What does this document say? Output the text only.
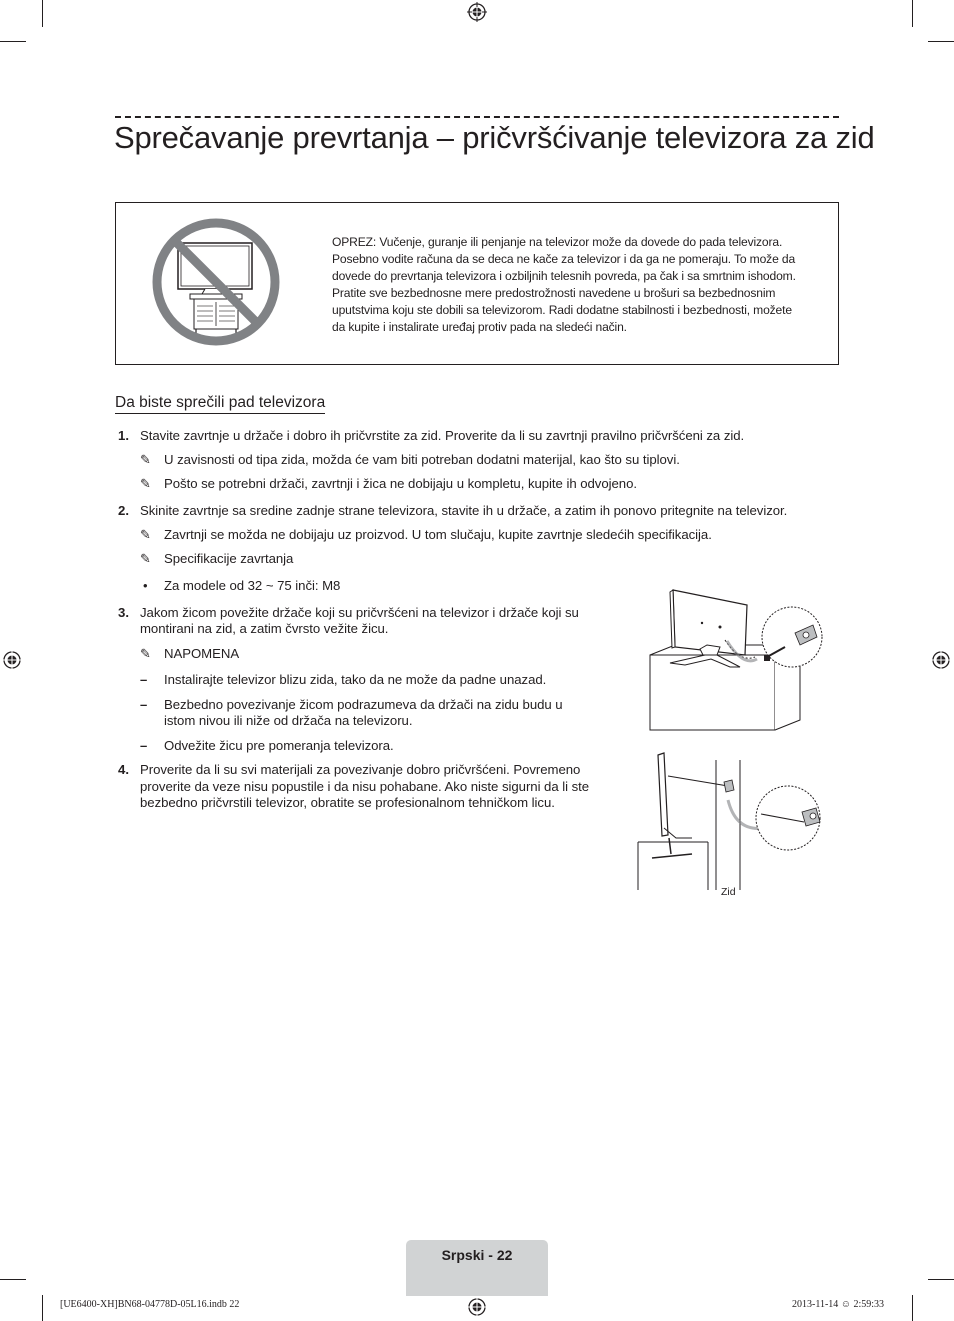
Sprečavanje prevrtanja – pričvršćivanje televizora za zid
OPREZ: Vučenje, guranje ili penjanje na televizor može da dovede do pada televizora.
Posebno vodite računa da se deca ne kače za televizor i da ga ne pomeraju. To može da
dovede do prevrtanja televizora i ozbiljnih telesnih povreda, pa čak i sa smrtnim ishodom.
Pratite sve bezbednosne mere predostrožnosti navedene u brošuri sa bezbednosnim
uputstvima koju ste dobili sa televizorom. Radi dodatne stabilnosti i bezbednosti, možete
da kupite i instalirate uređaj protiv pada na sledeći način.
Da biste sprečili pad televizora
1. Stavite zavrtnje u držače i dobro ih pričvrstite za zid. Proverite da li su zavrtnji pravilno pričvršćeni za zid.
✎ U zavisnosti od tipa zida, možda će vam biti potreban dodatni materijal, kao što su tiplovi.
✎ Pošto se potrebni držači, zavrtnji i žica ne dobijaju u kompletu, kupite ih odvojeno.
2. Skinite zavrtnje sa sredine zadnje strane televizora, stavite ih u držače, a zatim ih ponovo pritegnite na televizor.
✎ Zavrtnji se možda ne dobijaju uz proizvod. U tom slučaju, kupite zavrtnje sledećih specifikacija.
✎ Specifikacije zavrtanja
• Za modele od 32 ~ 75 inči: M8
3. Jakom žicom povežite držače koji su pričvršćeni na televizor i držače koji su
montirani na zid, a zatim čvrsto vežite žicu.
✎ NAPOMENA
– Instalirajte televizor blizu zida, tako da ne može da padne unazad.
– Bezbedno povezivanje žicom podrazumeva da držači na zidu budu u
istom nivou ili niže od držača na televizoru.
– Odvežite žicu pre pomeranja televizora.
4. Proverite da li su svi materijali za povezivanje dobro pričvršćeni. Povremeno
proverite da veze nisu popustile i da nisu pohabane. Ako niste sigurni da li ste
bezbedno pričvrstili televizor, obratite se profesionalnom tehničkom licu.
Zid
Srpski - 22
[UE6400-XH]BN68-04778D-05L16.indb 22	2013-11-14 ☺ 2:59:33
